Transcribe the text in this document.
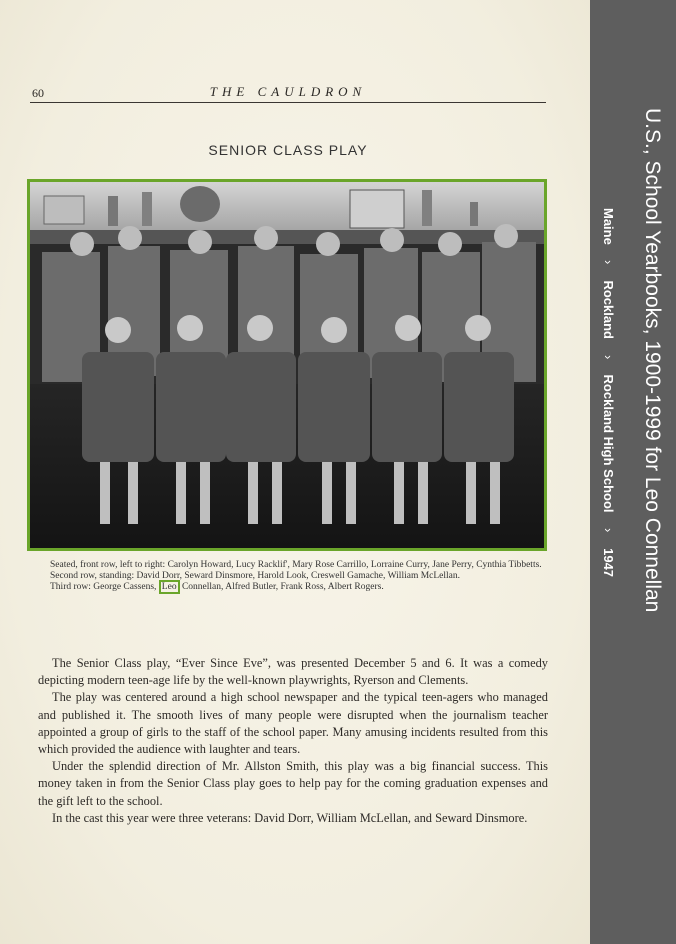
60	THE CAULDRON
SENIOR CLASS PLAY

Seated, front row, left to right: Carolyn Howard, Lucy Racklif', Mary Rose Carrillo, Lorraine Curry, Jane Perry, Cynthia Tibbetts.

Second row, standing: David Dorr, Seward Dinsmore, Harold Look, Creswell Gamache, William McLellan.

Third row: George Cassens, Leo Connellan, Alfred Butler, Frank Ross, Albert Rogers.

The Senior Class play, “Ever Since Eve”, was presented December 5 and 6. It was a comedy depicting modern teen-age life by the well-known playwrights, Ryerson and Clements.

The play was centered around a high school newspaper and the typical teen-agers who managed and published it. The smooth lives of many people were disrupted when the journalism teacher appointed a group of girls to the staff of the school paper. Many amusing incidents resulted from this which provided the audience with laughter and tears.

Under the splendid direction of Mr. Allston Smith, this play was a big financial success. This money taken in from the Senior Class play goes to help pay for the coming graduation expenses and the gift left to the school.

In the cast this year were three veterans: David Dorr, William McLellan, and Seward Dinsmore.

U.S., School Yearbooks, 1900-1999 for Leo Connellan
Maine › Rockland › Rockland High School › 1947
